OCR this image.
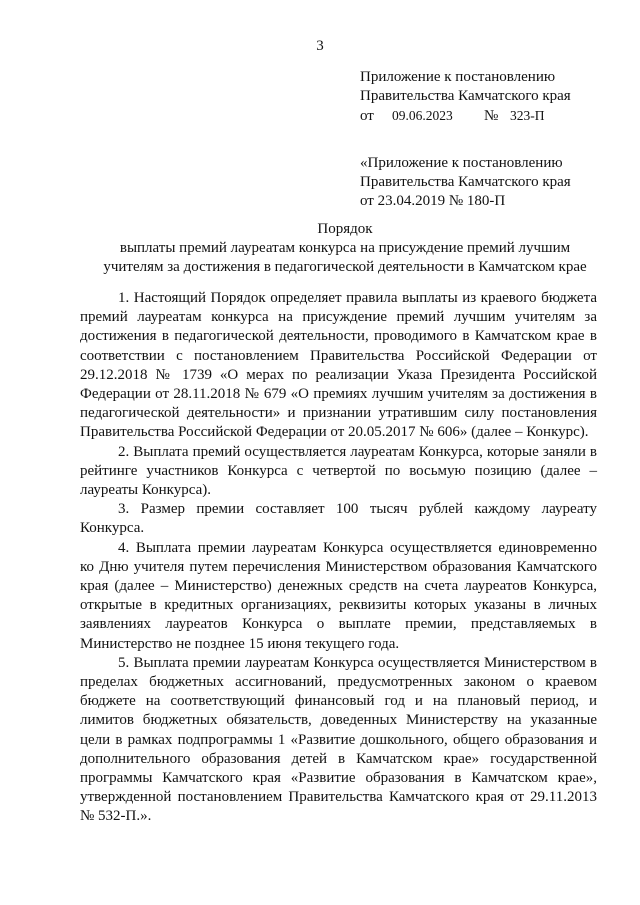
3
Приложение к постановлению
Правительства Камчатского края
от 09.06.2023 № 323-П
«Приложение к постановлению
Правительства Камчатского края
от 23.04.2019 № 180-П
Порядок
выплаты премий лауреатам конкурса на присуждение премий лучшим
учителям за достижения в педагогической деятельности в Камчатском крае

1. Настоящий Порядок определяет правила выплаты из краевого бюджета премий лауреатам конкурса на присуждение премий лучшим учителям за достижения в педагогической деятельности, проводимого в Камчатском крае в соответствии с постановлением Правительства Российской Федерации от 29.12.2018 № 1739 «О мерах по реализации Указа Президента Российской Федерации от 28.11.2018 № 679 «О премиях лучшим учителям за достижения в педагогической деятельности» и признании утратившим силу постановления Правительства Российской Федерации от 20.05.2017 № 606» (далее – Конкурс).

2. Выплата премий осуществляется лауреатам Конкурса, которые заняли в рейтинге участников Конкурса с четвертой по восьмую позицию (далее – лауреаты Конкурса).

3. Размер премии составляет 100 тысяч рублей каждому лауреату Конкурса.

4. Выплата премии лауреатам Конкурса осуществляется единовременно ко Дню учителя путем перечисления Министерством образования Камчатского края (далее – Министерство) денежных средств на счета лауреатов Конкурса, открытые в кредитных организациях, реквизиты которых указаны в личных заявлениях лауреатов Конкурса о выплате премии, представляемых в Министерство не позднее 15 июня текущего года.

5. Выплата премии лауреатам Конкурса осуществляется Министерством в пределах бюджетных ассигнований, предусмотренных законом о краевом бюджете на соответствующий финансовый год и на плановый период, и лимитов бюджетных обязательств, доведенных Министерству на указанные цели в рамках подпрограммы 1 «Развитие дошкольного, общего образования и дополнительного образования детей в Камчатском крае» государственной программы Камчатского края «Развитие образования в Камчатском крае», утвержденной постановлением Правительства Камчатского края от 29.11.2013 № 532-П.».
